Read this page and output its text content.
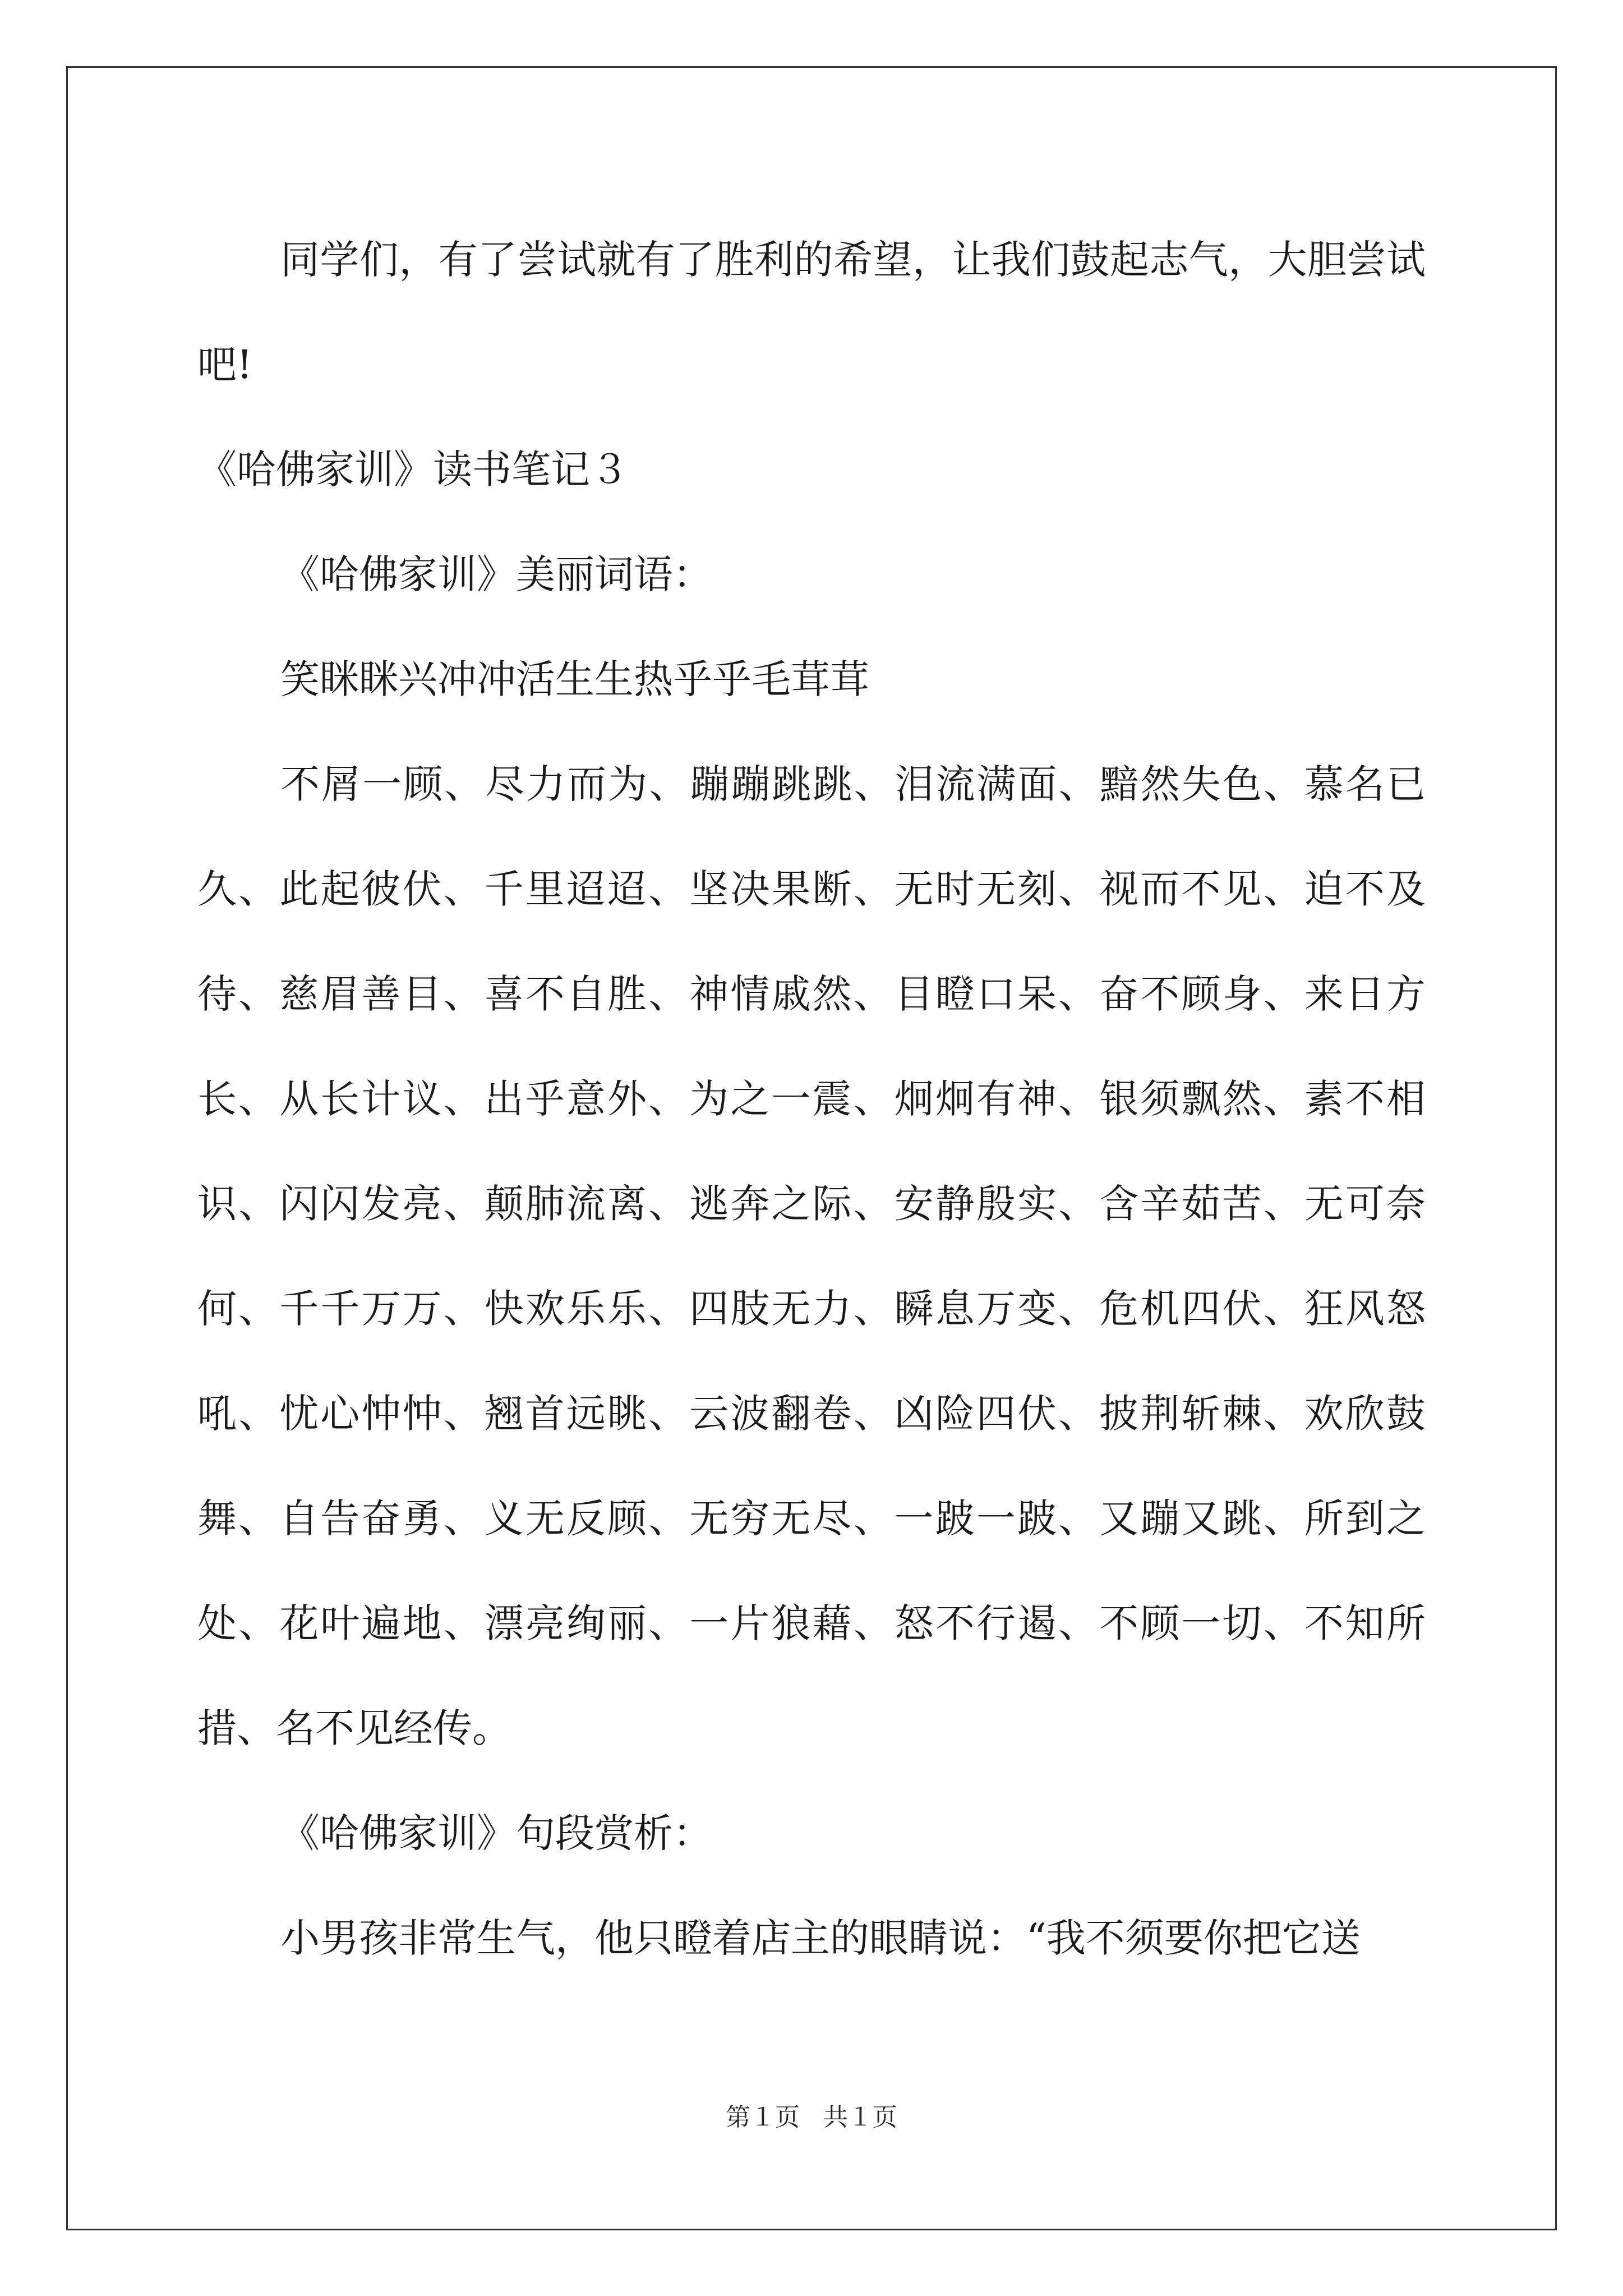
同学们，有了尝试就有了胜利的希望，让我们鼓起志气，大胆尝试吧!

《哈佛家训》读书笔记３

《哈佛家训》美丽词语：

笑眯眯兴冲冲活生生热乎乎毛茸茸

不屑一顾、尽力而为、蹦蹦跳跳、泪流满面、黯然失色、慕名已久、此起彼伏、千里迢迢、坚决果断、无时无刻、视而不见、迫不及待、慈眉善目、喜不自胜、神情戚然、目瞪口呆、奋不顾身、来日方长、从长计议、出乎意外、为之一震、炯炯有神、银须飘然、素不相识、闪闪发亮、颠肺流离、逃奔之际、安静殷实、含辛茹苦、无可奈何、千千万万、快欢乐乐、四肢无力、瞬息万变、危机四伏、狂风怒吼、忧心忡忡、翘首远眺、云波翻卷、凶险四伏、披荆斩棘、欢欣鼓舞、自告奋勇、义无反顾、无穷无尽、一跛一跛、又蹦又跳、所到之处、花叶遍地、漂亮绚丽、一片狼藉、怒不行遏、不顾一切、不知所措、名不见经传。

《哈佛家训》句段赏析：

小男孩非常生气，他只瞪着店主的眼睛说：“我不须要你把它送

第１页 共１页
